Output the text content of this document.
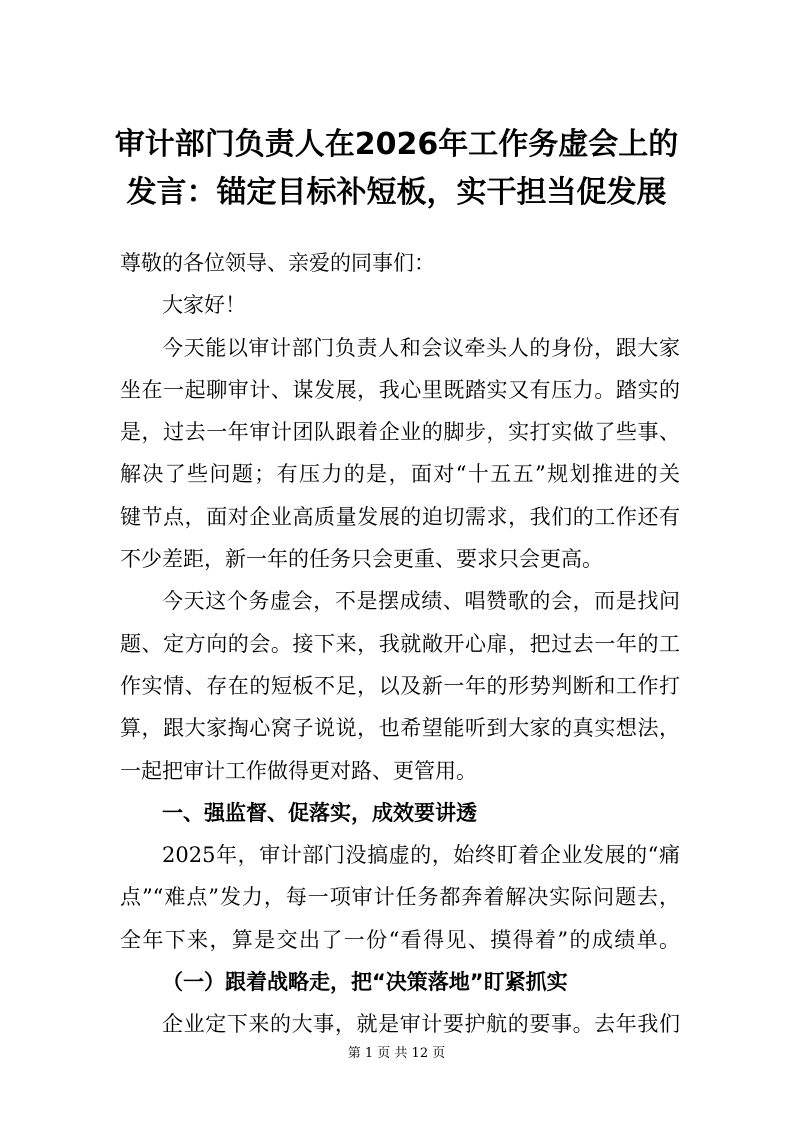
审计部门负责人在2026年工作务虚会上的
发言：锚定目标补短板，实干担当促发展
尊敬的各位领导、亲爱的同事们：
大家好！
今天能以审计部门负责人和会议牵头人的身份，跟大家
坐在一起聊审计、谋发展，我心里既踏实又有压力。踏实的
是，过去一年审计团队跟着企业的脚步，实打实做了些事、
解决了些问题；有压力的是，面对“十五五”规划推进的关
键节点，面对企业高质量发展的迫切需求，我们的工作还有
不少差距，新一年的任务只会更重、要求只会更高。
今天这个务虚会，不是摆成绩、唱赞歌的会，而是找问
题、定方向的会。接下来，我就敞开心扉，把过去一年的工
作实情、存在的短板不足，以及新一年的形势判断和工作打
算，跟大家掏心窝子说说，也希望能听到大家的真实想法，
一起把审计工作做得更对路、更管用。
一、强监督、促落实，成效要讲透
2025年，审计部门没搞虚的，始终盯着企业发展的“痛
点”“难点”发力，每一项审计任务都奔着解决实际问题去，
全年下来，算是交出了一份“看得见、摸得着”的成绩单。
（一）跟着战略走，把“决策落地”盯紧抓实
企业定下来的大事，就是审计要护航的要事。去年我们
第 1 页 共 12 页
